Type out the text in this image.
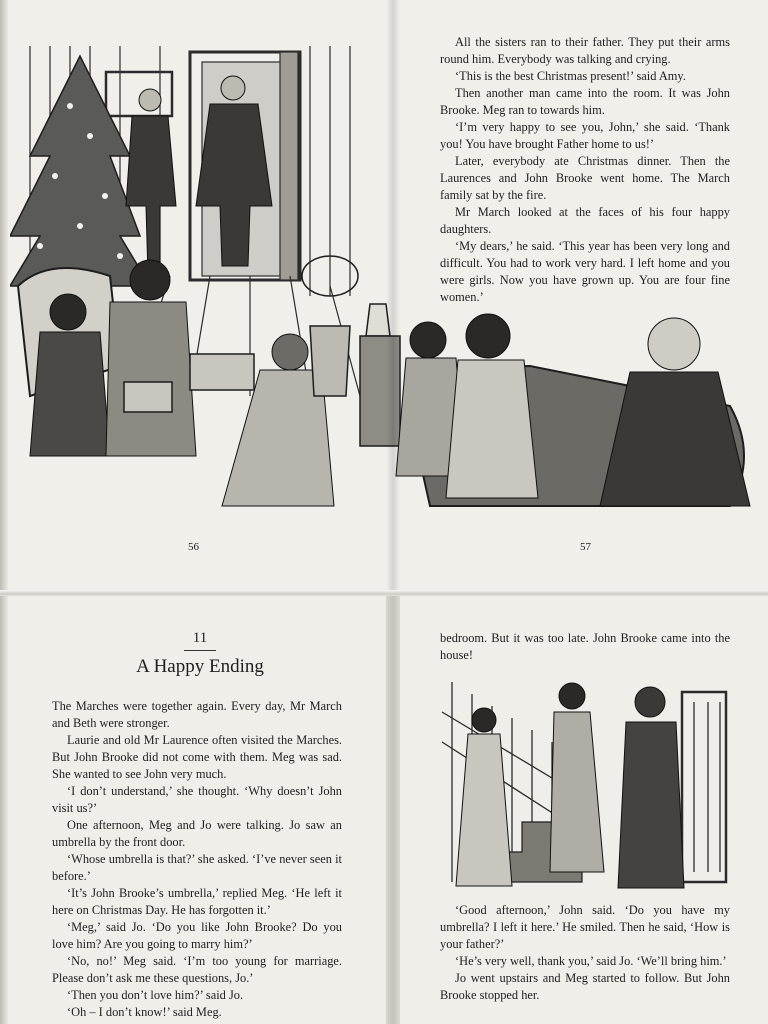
All the sisters ran to their father. They put their arms round him. Everybody was talking and crying.

‘This is the best Christmas present!’ said Amy.

Then another man came into the room. It was John Brooke. Meg ran to towards him.

‘I’m very happy to see you, John,’ she said. ‘Thank you! You have brought Father home to us!’

Later, everybody ate Christmas dinner. Then the Laurences and John Brooke went home. The March family sat by the fire.

Mr March looked at the faces of his four happy daughters.

‘My dears,’ he said. ‘This year has been very long and difficult. You had to work very hard. I left home and you were girls. Now you have grown up. You are four fine women.’

56	57
11
A Happy Ending

The Marches were together again. Every day, Mr March and Beth were stronger.

Laurie and old Mr Laurence often visited the Marches. But John Brooke did not come with them. Meg was sad. She wanted to see John very much.

‘I don’t understand,’ she thought. ‘Why doesn’t John visit us?’

One afternoon, Meg and Jo were talking. Jo saw an umbrella by the front door.

‘Whose umbrella is that?’ she asked. ‘I’ve never seen it before.’

‘It’s John Brooke’s umbrella,’ replied Meg. ‘He left it here on Christmas Day. He has forgotten it.’

‘Meg,’ said Jo. ‘Do you like John Brooke? Do you love him? Are you going to marry him?’

‘No, no!’ Meg said. ‘I’m too young for marriage. Please don’t ask me these questions, Jo.’

‘Then you don’t love him?’ said Jo.

‘Oh – I don’t know!’ said Meg.

bedroom. But it was too late. John Brooke came into the house!

‘Good afternoon,’ John said. ‘Do you have my umbrella? I left it here.’ He smiled. Then he said, ‘How is your father?’

‘He’s very well, thank you,’ said Jo. ‘We’ll bring him.’

Jo went upstairs and Meg started to follow. But John Brooke stopped her.
